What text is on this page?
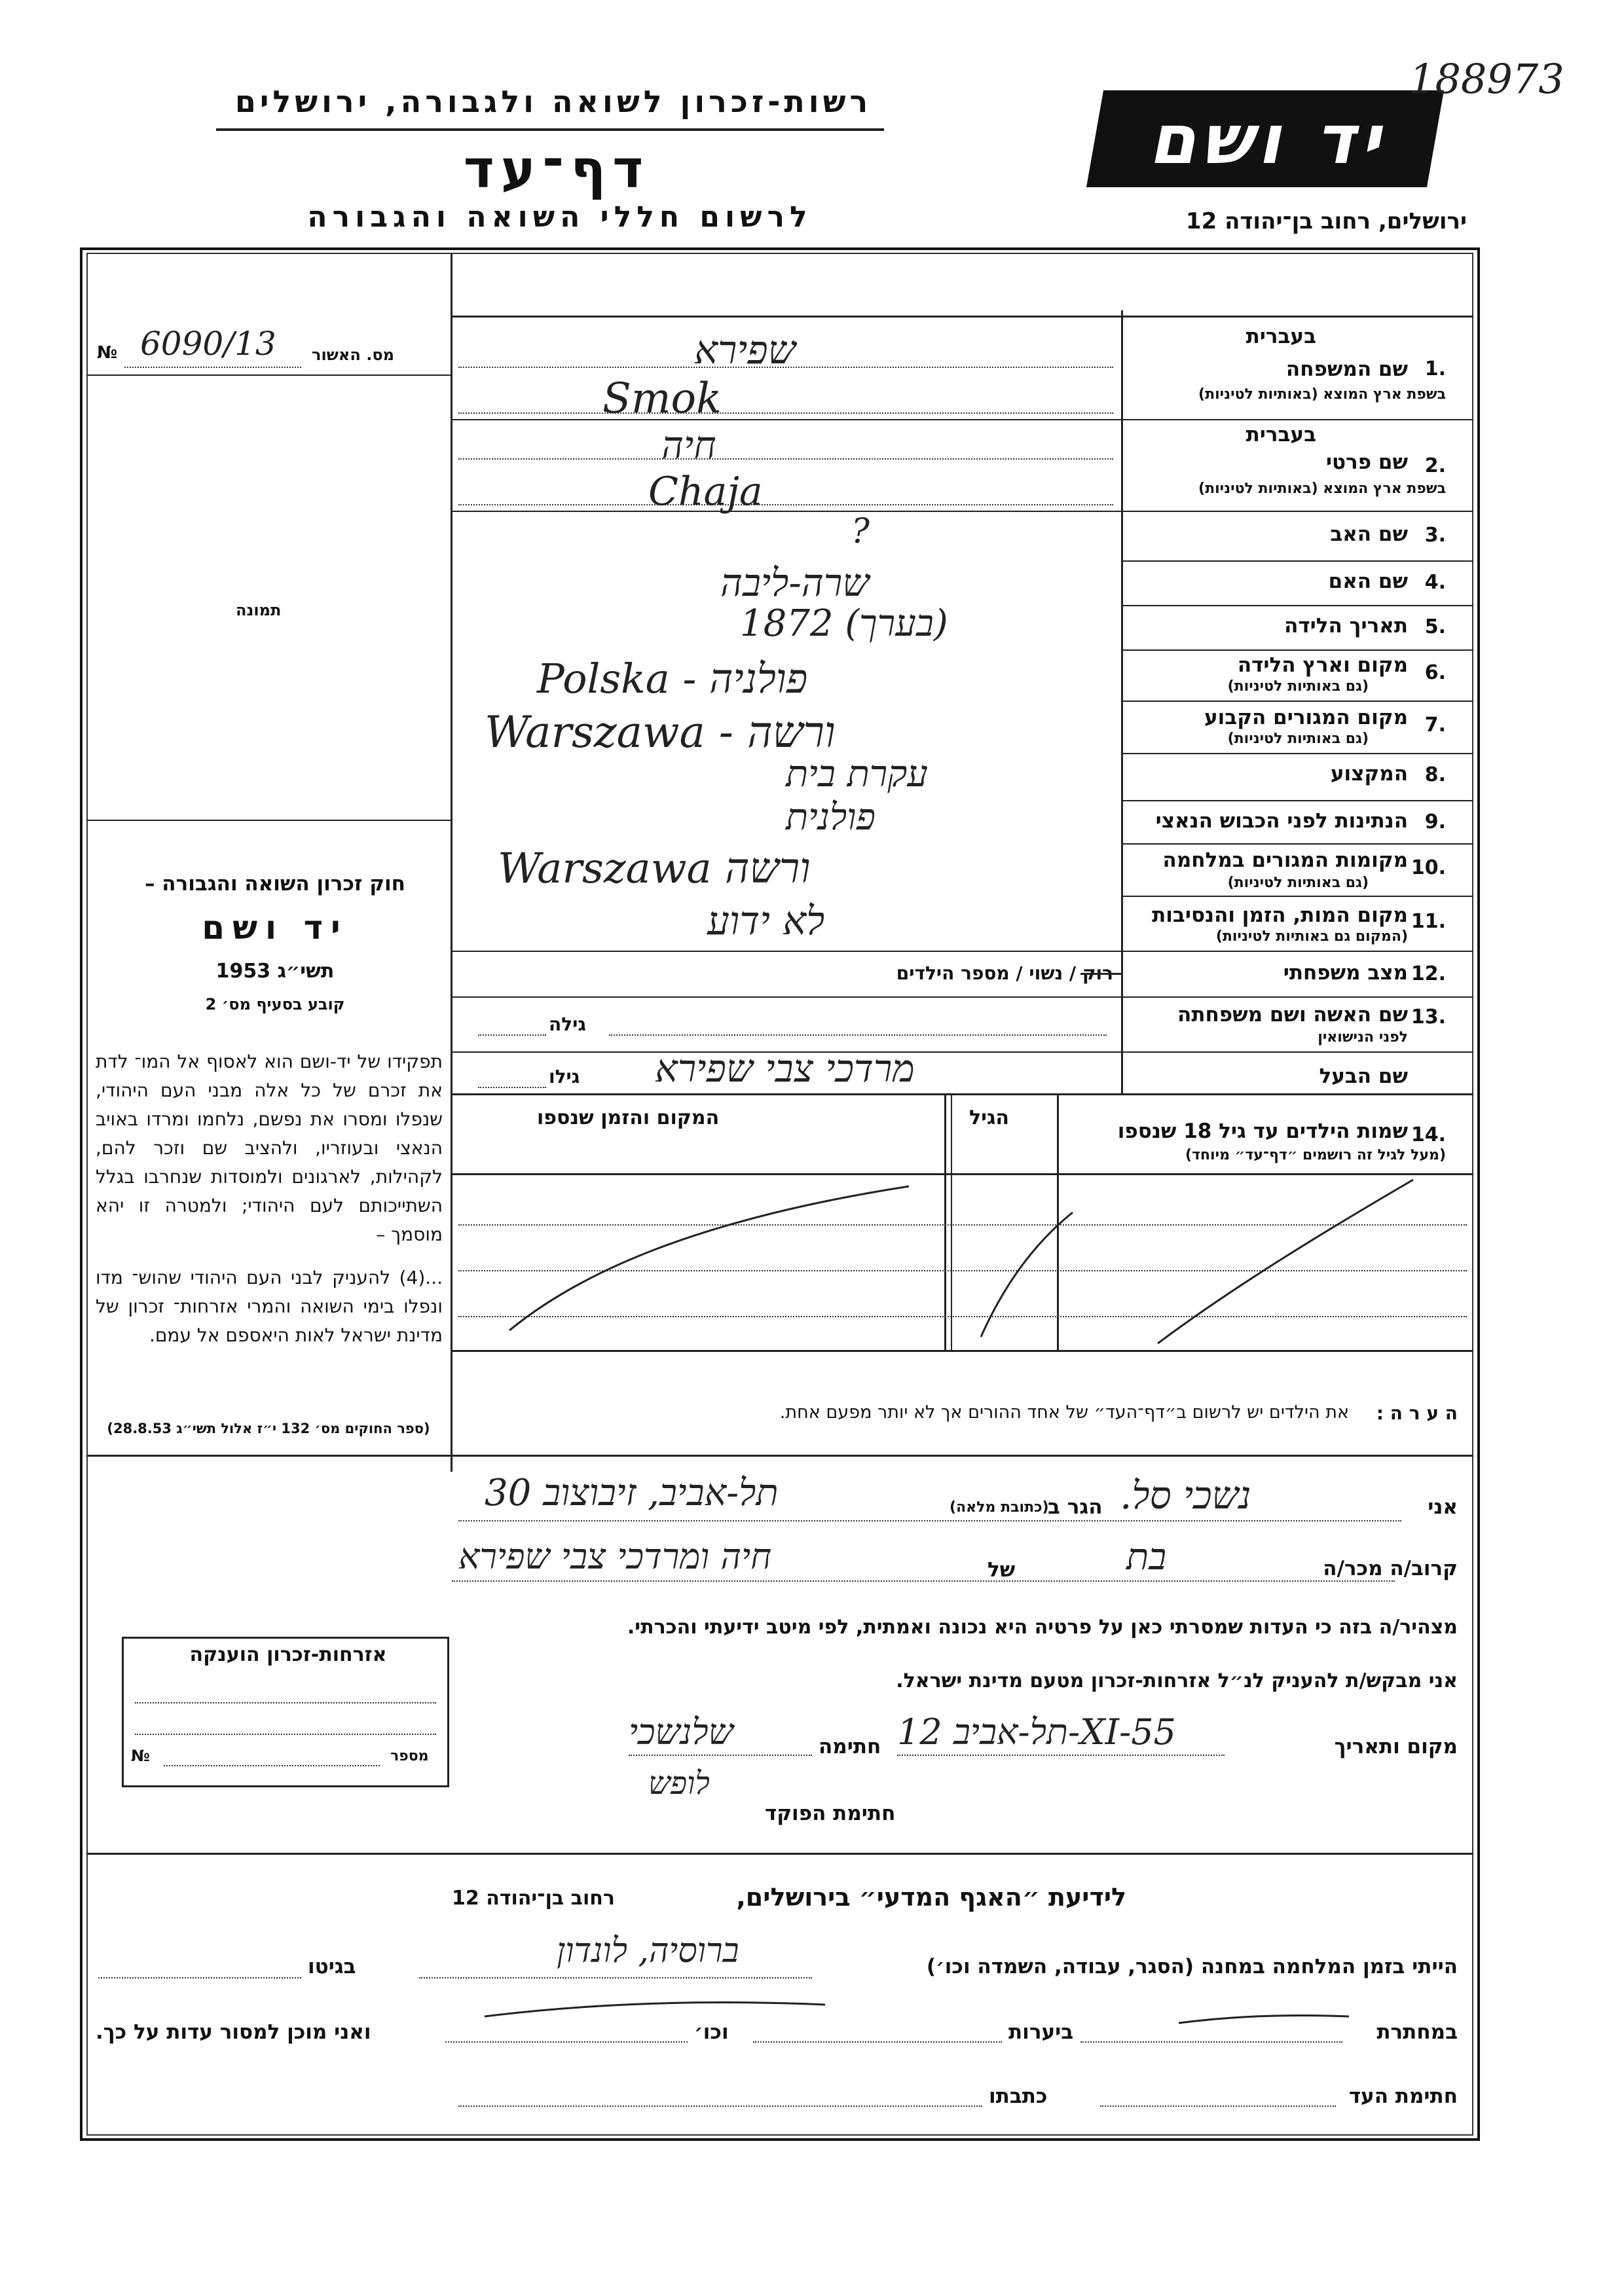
רשות-זכרון לשואה ולגבורה, ירושלים
דף־עד
לרשום חללי השואה והגבורה
יד ושם
188973
ירושלים, רחוב בן־יהודה 12
מס. האשור
№ 6090/13
תמונה
חוק זכרון השואה והגבורה –
יד ושם
תשי״ג 1953
קובע בסעיף מס׳ 2
תפקידו של יד-ושם הוא לאסוף אל המו־ לדת את זכרם של כל אלה מבני העם היהודי, שנפלו ומסרו את נפשם, נלחמו ומרדו באויב הנאצי ובעוזריו, ולהציב שם וזכר להם, לקהילות, לארגונים ולמוסדות שנחרבו בגלל השתייכותם לעם היהודי; ולמטרה זו יהא מוסמך –
...(4) להעניק לבני העם היהודי שהוש־ מדו ונפלו בימי השואה והמרי אזרחות־ זכרון של מדינת ישראל לאות היאספם אל עמם.
(ספר החוקים מס׳ 132 י״ז אלול תשי״ג 28.8.53)
בעברית
1.
שם המשפחה
בשפת ארץ המוצא (באותיות לטיניות)
שפירא
Smok
בעברית
2.
שם פרטי
בשפת ארץ המוצא (באותיות לטיניות)
חיה
Chaja
3.
שם האב
?
4.
שם האם
שרה-ליבה
5.
תאריך הלידה
1872 (בערך)
6.
מקום וארץ הלידה
(גם באותיות לטיניות)
Polska - פולניה
7.
מקום המגורים הקבוע
(גם באותיות לטיניות)
Warszawa - ורשה
8.
המקצוע
עקרת בית
9.
הנתינות לפני הכבוש הנאצי
פולנית
10.
מקומות המגורים במלחמה
(גם באותיות לטיניות)
Warszawa ורשה
11.
מקום המות, הזמן והנסיבות
(המקום גם באותיות לטיניות)
לא ידוע
12.
מצב משפחתי
רוק / נשוי / מספר הילדים
13.
שם האשה ושם משפחתה
לפני הנישואין
גילה
שם הבעל
גילו מרדכי צבי שפירא
14.
שמות הילדים עד גיל 18 שנספו
(מעל לגיל זה רושמים ״דף־עד״ מיוחד)
הגיל
המקום והזמן שנספו
ה ע ר ה :
את הילדים יש לרשום ב״דף־העד״ של אחד ההורים אך לא יותר מפעם אחת.
אני
נשכי סל.
הגר ב
(כתובת מלאה)
תל-אביב, זיבוצוב 30
קרוב/ה מכר/ה
בת
של
חיה ומרדכי צבי שפירא
מצהיר/ה בזה כי העדות שמסרתי כאן על פרטיה היא נכונה ואמתית, לפי מיטב ידיעתי והכרתי.
אני מבקש/ת להעניק לנ״ל אזרחות-זכרון מטעם מדינת ישראל.
מקום ותאריך
תל-אביב 12-XI-55
חתימה
שלנשכי
לופש
חתימת הפוקד
אזרחות-זכרון הוענקה
מספר
№
לידיעת ״האגף המדעי״ בירושלים,
רחוב בן־יהודה 12
הייתי בזמן המלחמה במחנה (הסגר, עבודה, השמדה וכו׳)
ברוסיה, לונדון
בגיטו
במחתרת
ביערות
וכו׳
ואני מוכן למסור עדות על כך.
חתימת העד
כתבתו
